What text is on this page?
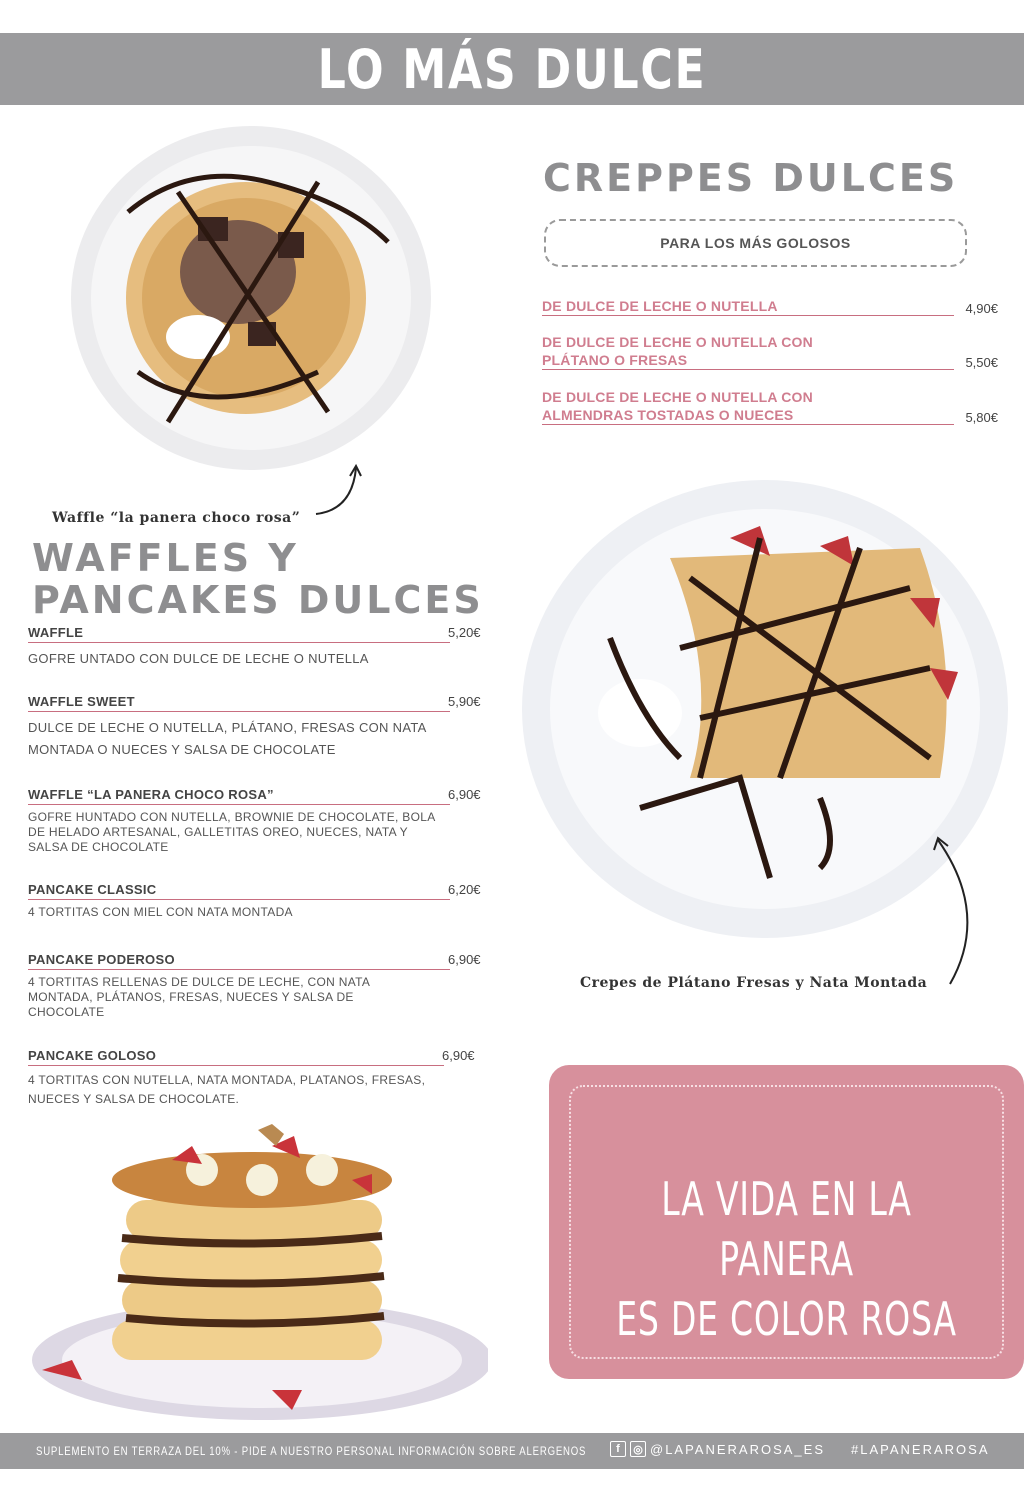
LO MÁS DULCE
Waffle “la panera choco rosa”
CREPPES DULCES
PARA LOS MÁS GOLOSOS
DE DULCE DE LECHE O NUTELLA	4,90€
DE DULCE DE LECHE O NUTELLA CON PLÁTANO O FRESAS	5,50€
DE DULCE DE LECHE O NUTELLA CON ALMENDRAS TOSTADAS O NUECES	5,80€
Crepes de Plátano Fresas y Nata Montada
WAFFLES Y
PANCAKES DULCES
WAFFLE	5,20€
GOFRE UNTADO CON DULCE DE LECHE O NUTELLA
WAFFLE SWEET	5,90€
DULCE DE LECHE O NUTELLA, PLÁTANO, FRESAS CON NATA MONTADA O NUECES Y SALSA DE CHOCOLATE
WAFFLE “LA PANERA CHOCO ROSA”	6,90€
GOFRE HUNTADO CON NUTELLA, BROWNIE DE CHOCOLATE, BOLA DE HELADO ARTESANAL, GALLETITAS OREO, NUECES, NATA Y SALSA DE CHOCOLATE
PANCAKE CLASSIC	6,20€
4 TORTITAS CON MIEL CON NATA MONTADA
PANCAKE PODEROSO	6,90€
4 TORTITAS RELLENAS DE DULCE DE LECHE, CON NATA MONTADA, PLÁTANOS, FRESAS, NUECES Y SALSA DE CHOCOLATE
PANCAKE GOLOSO	6,90€
4 TORTITAS CON NUTELLA, NATA MONTADA, PLATANOS, FRESAS, NUECES Y SALSA DE CHOCOLATE.
LA VIDA EN LA PANERA
ES DE COLOR ROSA
SUPLEMENTO EN TERRAZA DEL 10% - PIDE A NUESTRO PERSONAL INFORMACIÓN SOBRE ALERGENOS	f	◎ @LAPANERAROSA_ES #LAPANERAROSA
